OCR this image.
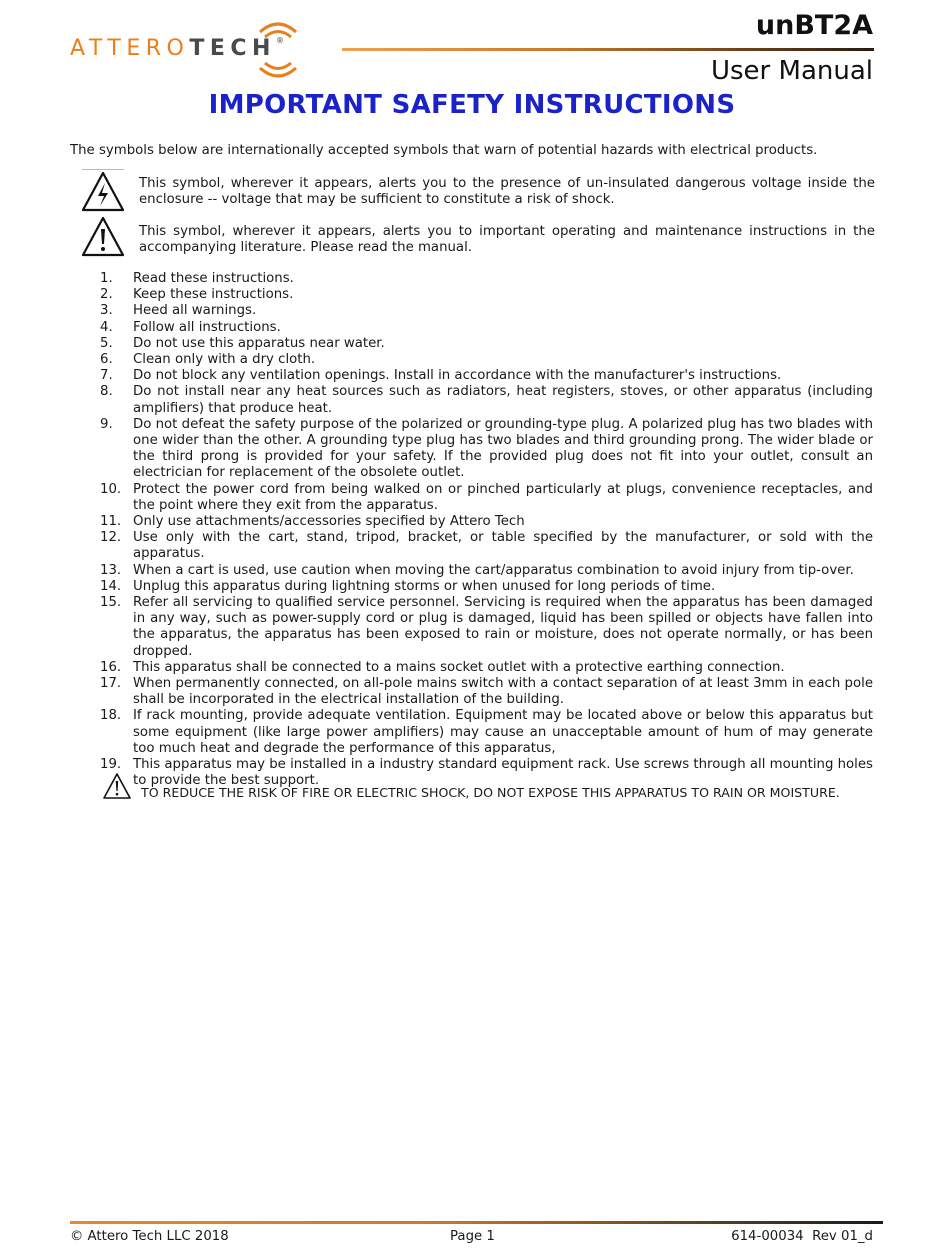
ATTEROTECH®	unBT2A
User Manual
IMPORTANT SAFETY INSTRUCTIONS
The symbols below are internationally accepted symbols that warn of potential hazards with electrical products.
This symbol, wherever it appears, alerts you to the presence of un-insulated dangerous voltage inside the enclosure -- voltage that may be sufficient to constitute a risk of shock.
This symbol, wherever it appears, alerts you to important operating and maintenance instructions in the accompanying literature. Please read the manual.
1. Read these instructions.
2. Keep these instructions.
3. Heed all warnings.
4. Follow all instructions.
5. Do not use this apparatus near water.
6. Clean only with a dry cloth.
7. Do not block any ventilation openings. Install in accordance with the manufacturer's instructions.
8. Do not install near any heat sources such as radiators, heat registers, stoves, or other apparatus (including amplifiers) that produce heat.
9. Do not defeat the safety purpose of the polarized or grounding-type plug. A polarized plug has two blades with one wider than the other. A grounding type plug has two blades and third grounding prong. The wider blade or the third prong is provided for your safety. If the provided plug does not fit into your outlet, consult an electrician for replacement of the obsolete outlet.
10. Protect the power cord from being walked on or pinched particularly at plugs, convenience receptacles, and the point where they exit from the apparatus.
11. Only use attachments/accessories specified by Attero Tech
12. Use only with the cart, stand, tripod, bracket, or table specified by the manufacturer, or sold with the apparatus.
13. When a cart is used, use caution when moving the cart/apparatus combination to avoid injury from tip-over.
14. Unplug this apparatus during lightning storms or when unused for long periods of time.
15. Refer all servicing to qualified service personnel. Servicing is required when the apparatus has been damaged in any way, such as power-supply cord or plug is damaged, liquid has been spilled or objects have fallen into the apparatus, the apparatus has been exposed to rain or moisture, does not operate normally, or has been dropped.
16. This apparatus shall be connected to a mains socket outlet with a protective earthing connection.
17. When permanently connected, on all-pole mains switch with a contact separation of at least 3mm in each pole shall be incorporated in the electrical installation of the building.
18. If rack mounting, provide adequate ventilation. Equipment may be located above or below this apparatus but some equipment (like large power amplifiers) may cause an unacceptable amount of hum of may generate too much heat and degrade the performance of this apparatus,
19. This apparatus may be installed in a industry standard equipment rack. Use screws through all mounting holes to provide the best support.
TO REDUCE THE RISK OF FIRE OR ELECTRIC SHOCK, DO NOT EXPOSE THIS APPARATUS TO RAIN OR MOISTURE.
© Attero Tech LLC 2018	Page 1	614-00034  Rev 01_d
